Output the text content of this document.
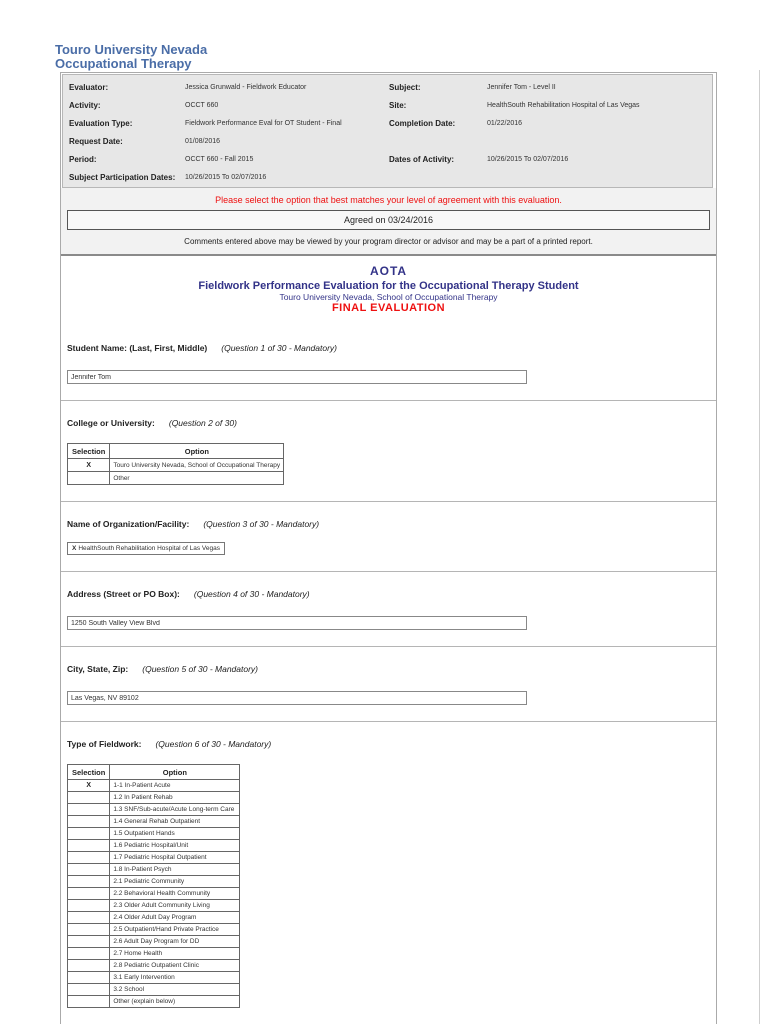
Touro University Nevada
Occupational Therapy
Evaluator:	Jessica Grunwald - Fieldwork Educator	Subject:	Jennifer Tom - Level II
Activity:	OCCT 660	Site:	HealthSouth Rehabilitation Hospital of Las Vegas
Evaluation Type:	Fieldwork Performance Eval for OT Student - Final	Completion Date:	01/22/2016
Request Date:	01/08/2016
Period:	OCCT 660 - Fall 2015	Dates of Activity:	10/26/2015 To 02/07/2016
Subject Participation Dates:	10/26/2015 To 02/07/2016
Please select the option that best matches your level of agreement with this evaluation.
Agreed on 03/24/2016
Comments entered above may be viewed by your program director or advisor and may be a part of a printed report.
AOTA
Fieldwork Performance Evaluation for the Occupational Therapy Student
Touro University Nevada, School of Occupational Therapy
FINAL EVALUATION
Student Name: (Last, First, Middle) (Question 1 of 30 - Mandatory)
Jennifer Tom
College or University: (Question 2 of 30)
Selection	Option
X	Touro University Nevada, School of Occupational Therapy
	Other
Name of Organization/Facility: (Question 3 of 30 - Mandatory)
X HealthSouth Rehabilitation Hospital of Las Vegas
Address (Street or PO Box): (Question 4 of 30 - Mandatory)
1250 South Valley View Blvd
City, State, Zip: (Question 5 of 30 - Mandatory)
Las Vegas, NV 89102
Type of Fieldwork: (Question 6 of 30 - Mandatory)
Selection	Option
X	1-1 In-Patient Acute
	1.2 In Patient Rehab
	1.3 SNF/Sub-acute/Acute Long-term Care
	1.4 General Rehab Outpatient
	1.5 Outpatient Hands
	1.6 Pediatric Hospital/Unit
	1.7 Pediatric Hospital Outpatient
	1.8 In-Patient Psych
	2.1 Pediatric Community
	2.2 Behavioral Health Community
	2.3 Older Adult Community Living
	2.4 Older Adult Day Program
	2.5 Outpatient/Hand Private Practice
	2.6 Adult Day Program for DD
	2.7 Home Health
	2.8 Pediatric Outpatient Clinic
	3.1 Early Intervention
	3.2 School
	Other (explain below)
